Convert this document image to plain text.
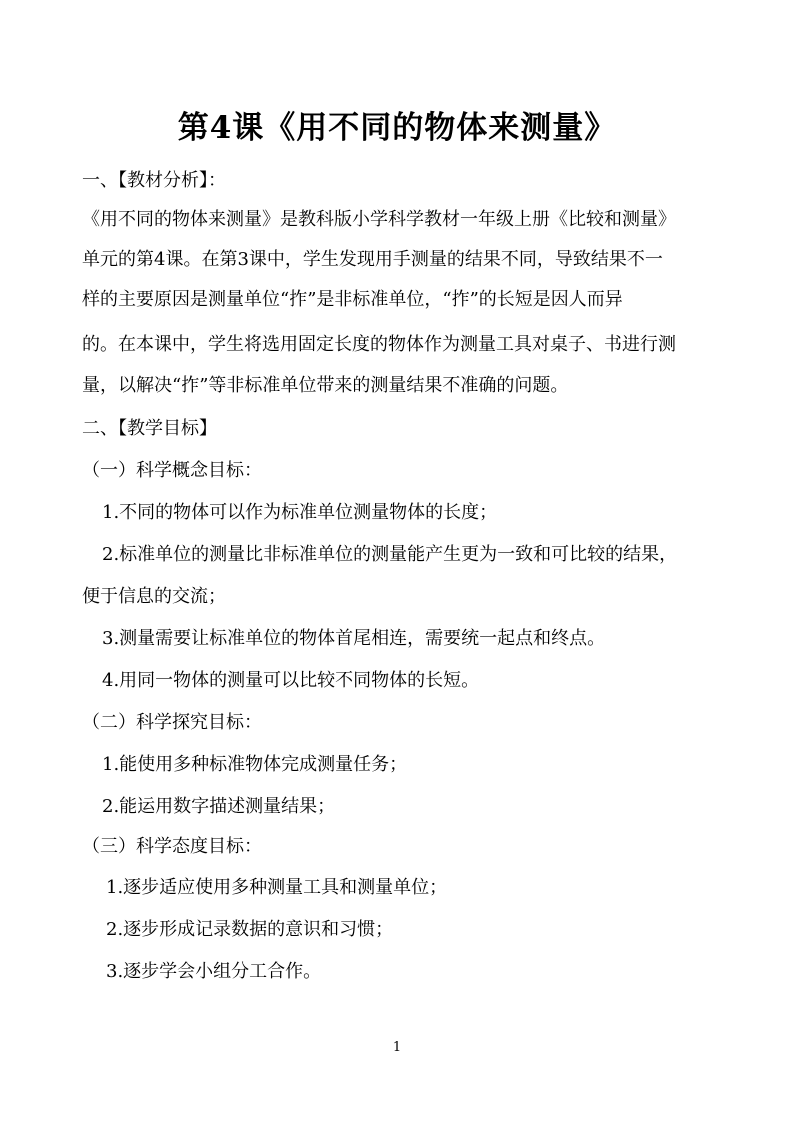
第4课《用不同的物体来测量》
一、【教材分析】：
《用不同的物体来测量》是教科版小学科学教材一年级上册《比较和测量》
单元的第4课。在第3课中，学生发现用手测量的结果不同，导致结果不一
样的主要原因是测量单位“拃”是非标准单位，“拃”的长短是因人而异
的。在本课中，学生将选用固定长度的物体作为测量工具对桌子、书进行测
量，以解决“拃”等非标准单位带来的测量结果不准确的问题。
二、【教学目标】
（一）科学概念目标：
1.不同的物体可以作为标准单位测量物体的长度；
2.标准单位的测量比非标准单位的测量能产生更为一致和可比较的结果，
便于信息的交流；
3.测量需要让标准单位的物体首尾相连，需要统一起点和终点。
4.用同一物体的测量可以比较不同物体的长短。
（二）科学探究目标：
1.能使用多种标准物体完成测量任务；
2.能运用数字描述测量结果；
（三）科学态度目标：
1.逐步适应使用多种测量工具和测量单位；
2.逐步形成记录数据的意识和习惯；
3.逐步学会小组分工合作。
1
